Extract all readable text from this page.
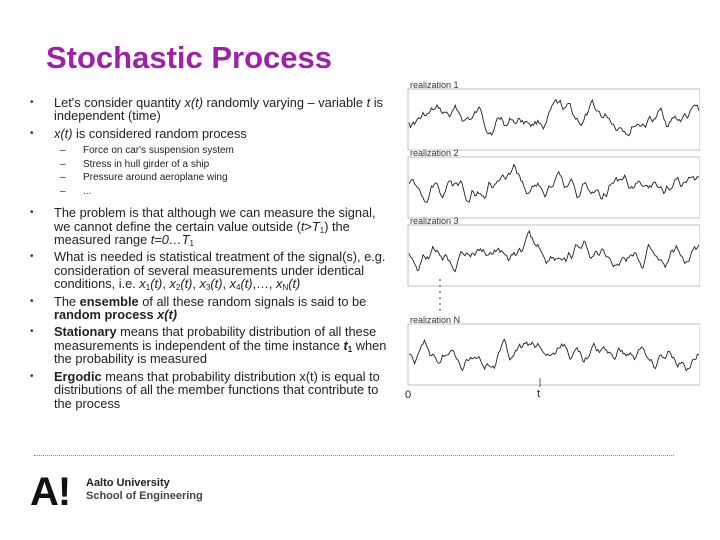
Stochastic Process
•	Let's consider quantity x(t) randomly varying – variable t is independent (time)
•	x(t) is considered random process
–	Force on car's suspension system
–	Stress in hull girder of a ship
–	Pressure around aeroplane wing
–	...
•	The problem is that although we can measure the signal, we cannot define the certain value outside $(t>T_1)$ the measured range $t=0\dots T_1$
•	What is needed is statistical treatment of the signal(s), e.g. consideration of several measurements under identical conditions, i.e. $x_1(t)$, $x_2(t)$, $x_3(t)$, $x_4(t),\dots$, $x_N(t)$
•	The ensemble of all these random signals is said to be random process x(t)
•	Stationary means that probability distribution of all these measurements is independent of the time instance $t_1$ when the probability is measured
•	Ergodic means that probability distribution x(t) is equal to distributions of all the member functions that contribute to the process
realization 1
realization 2
realization 3
realization N
0	t
A! Aalto University
School of Engineering
